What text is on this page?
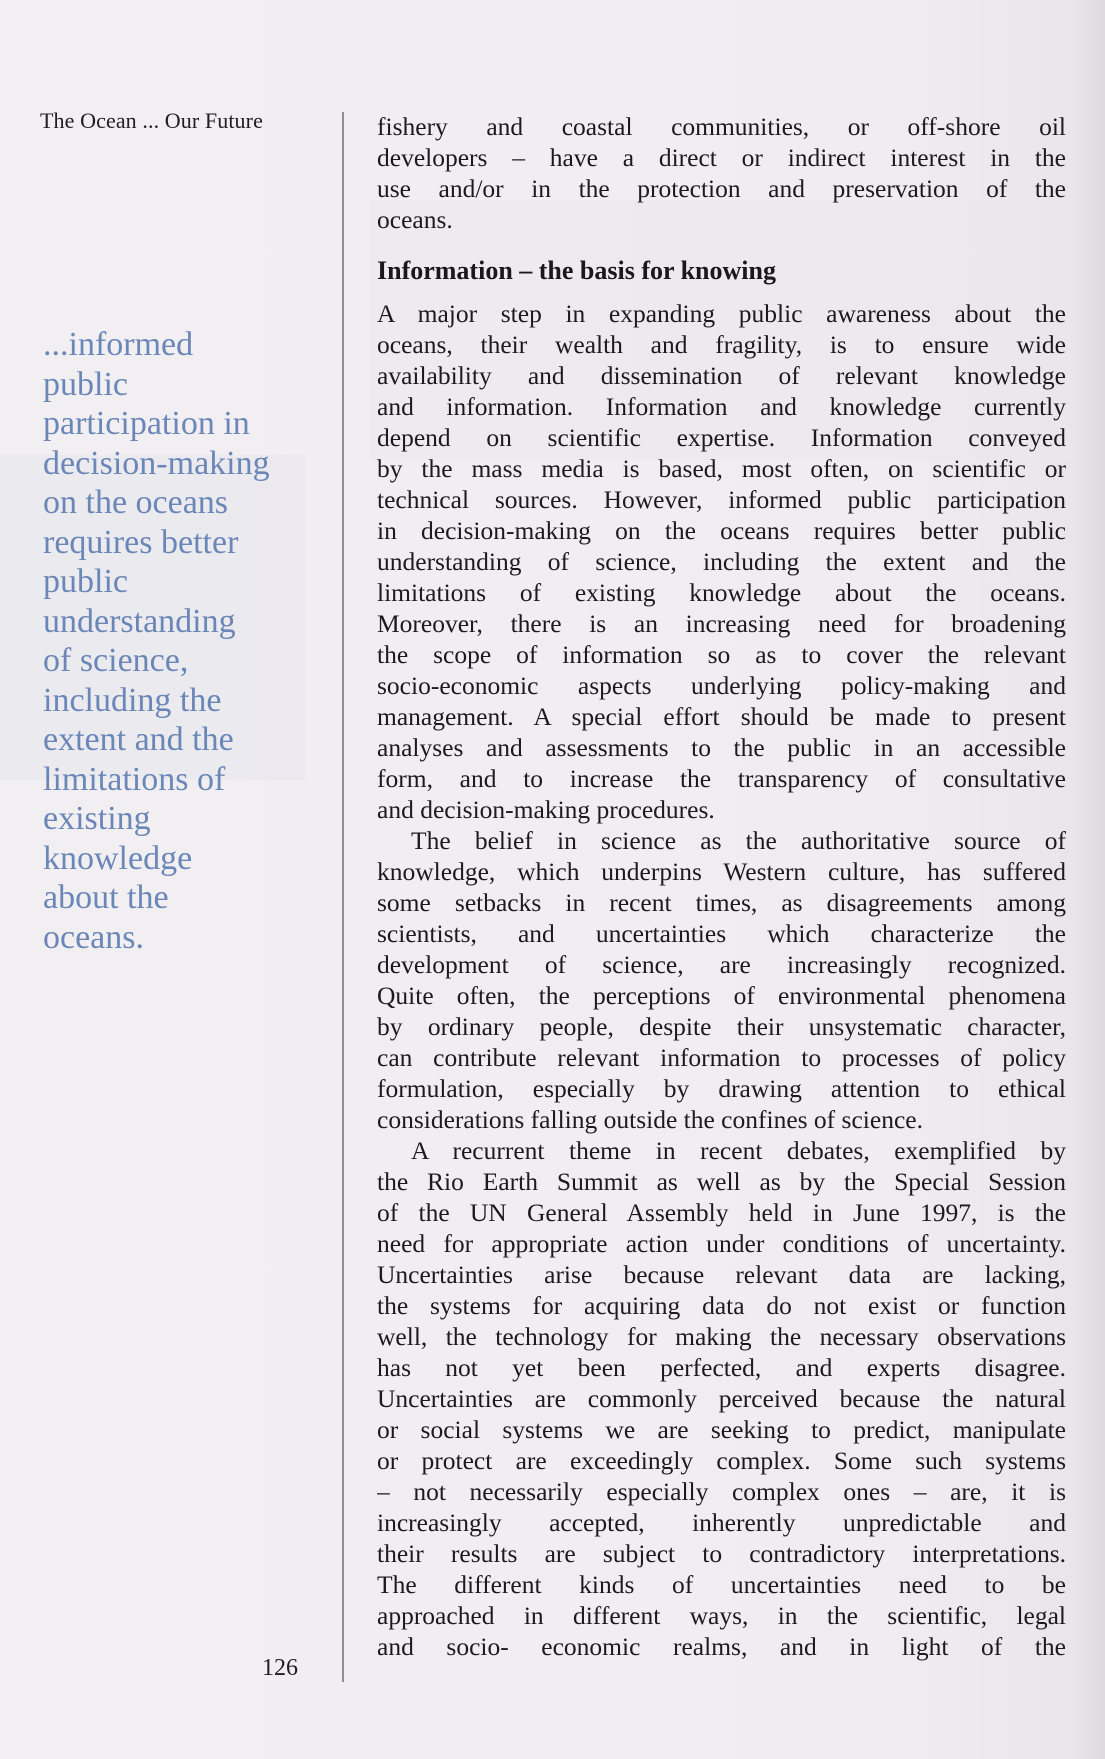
The Ocean ... Our Future
...informed
public
participation in
decision-making
on the oceans
requires better
public
understanding
of science,
including the
extent and the
limitations of
existing
knowledge
about the
oceans.
126
fishery and coastal communities, or off-shore oil
developers – have a direct or indirect interest in the
use and/or in the protection and preservation of the
oceans.
Information – the basis for knowing
A major step in expanding public awareness about the
oceans, their wealth and fragility, is to ensure wide
availability and dissemination of relevant knowledge
and information. Information and knowledge currently
depend on scientific expertise. Information conveyed
by the mass media is based, most often, on scientific or
technical sources. However, informed public participation
in decision-making on the oceans requires better public
understanding of science, including the extent and the
limitations of existing knowledge about the oceans.
Moreover, there is an increasing need for broadening
the scope of information so as to cover the relevant
socio-economic aspects underlying policy-making and
management. A special effort should be made to present
analyses and assessments to the public in an accessible
form, and to increase the transparency of consultative
and decision-making procedures.
The belief in science as the authoritative source of
knowledge, which underpins Western culture, has suffered
some setbacks in recent times, as disagreements among
scientists, and uncertainties which characterize the
development of science, are increasingly recognized.
Quite often, the perceptions of environmental phenomena
by ordinary people, despite their unsystematic character,
can contribute relevant information to processes of policy
formulation, especially by drawing attention to ethical
considerations falling outside the confines of science.
A recurrent theme in recent debates, exemplified by
the Rio Earth Summit as well as by the Special Session
of the UN General Assembly held in June 1997, is the
need for appropriate action under conditions of uncertainty.
Uncertainties arise because relevant data are lacking,
the systems for acquiring data do not exist or function
well, the technology for making the necessary observations
has not yet been perfected, and experts disagree.
Uncertainties are commonly perceived because the natural
or social systems we are seeking to predict, manipulate
or protect are exceedingly complex. Some such systems
– not necessarily especially complex ones – are, it is
increasingly accepted, inherently unpredictable and
their results are subject to contradictory interpretations.
The different kinds of uncertainties need to be
approached in different ways, in the scientific, legal
and socio- economic realms, and in light of the
